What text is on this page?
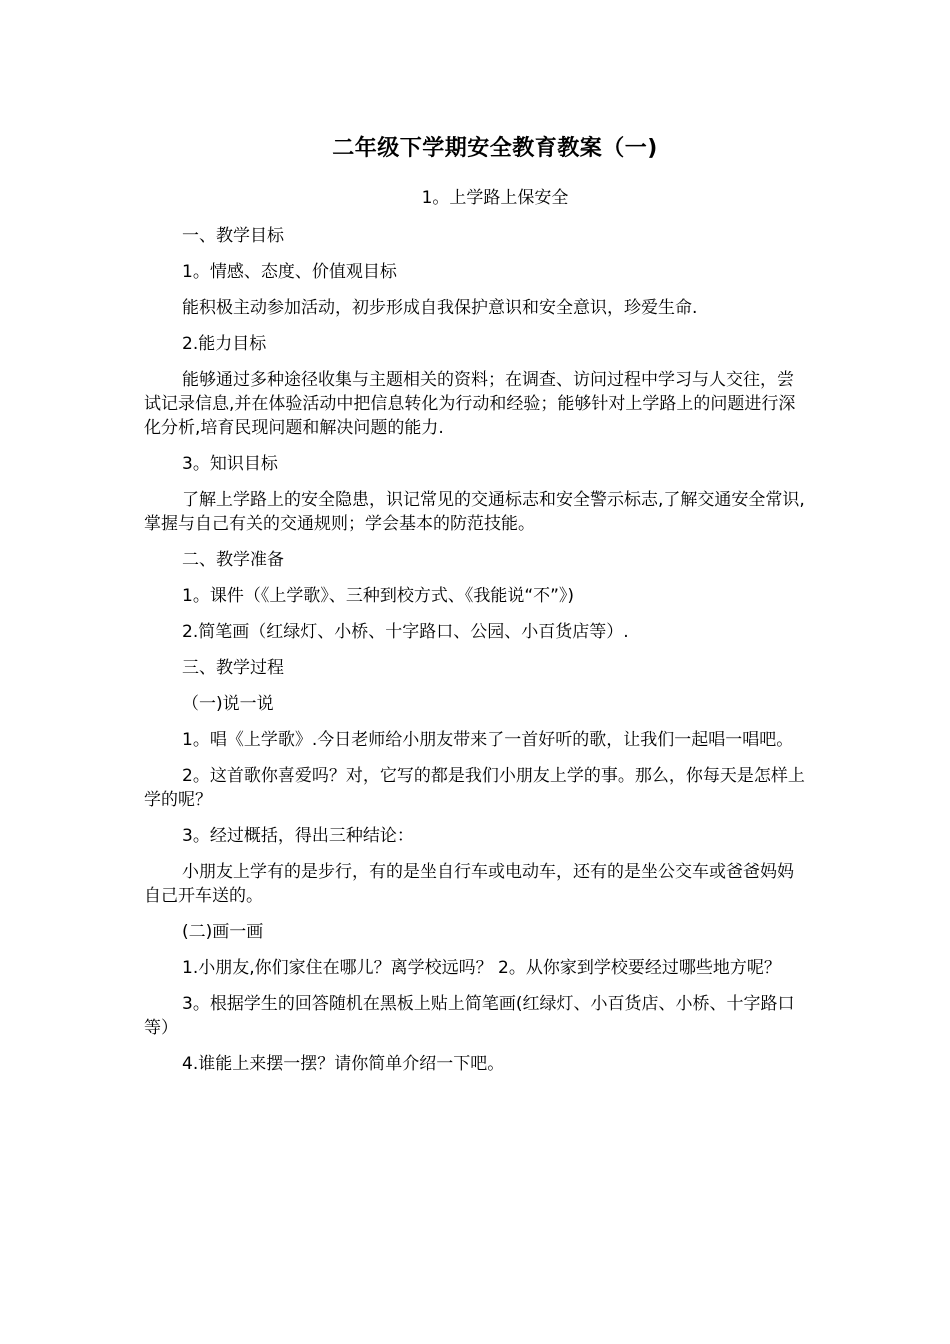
二年级下学期安全教育教案（一)
1。上学路上保安全

一、教学目标

1。情感、态度、价值观目标

能积极主动参加活动，初步形成自我保护意识和安全意识，珍爱生命.

2.能力目标

能够通过多种途径收集与主题相关的资料；在调查、访问过程中学习与人交往，尝试记录信息,并在体验活动中把信息转化为行动和经验；能够针对上学路上的问题进行深化分析,培育民现问题和解决问题的能力.

3。知识目标

了解上学路上的安全隐患，识记常见的交通标志和安全警示标志,了解交通安全常识,掌握与自己有关的交通规则；学会基本的防范技能。

二、教学准备

1。课件（《上学歌》、三种到校方式、《我能说“不”》)

2.简笔画（红绿灯、小桥、十字路口、公园、小百货店等）.

三、教学过程

（一)说一说

1。唱《上学歌》.今日老师给小朋友带来了一首好听的歌，让我们一起唱一唱吧。

2。这首歌你喜爱吗？对，它写的都是我们小朋友上学的事。那么，你每天是怎样上学的呢？

3。经过概括，得出三种结论：

小朋友上学有的是步行，有的是坐自行车或电动车，还有的是坐公交车或爸爸妈妈自己开车送的。

(二)画一画

1.小朋友,你们家住在哪儿？离学校远吗？ 2。从你家到学校要经过哪些地方呢？

3。根据学生的回答随机在黑板上贴上简笔画(红绿灯、小百货店、小桥、十字路口等）

4.谁能上来摆一摆？请你简单介绍一下吧。
